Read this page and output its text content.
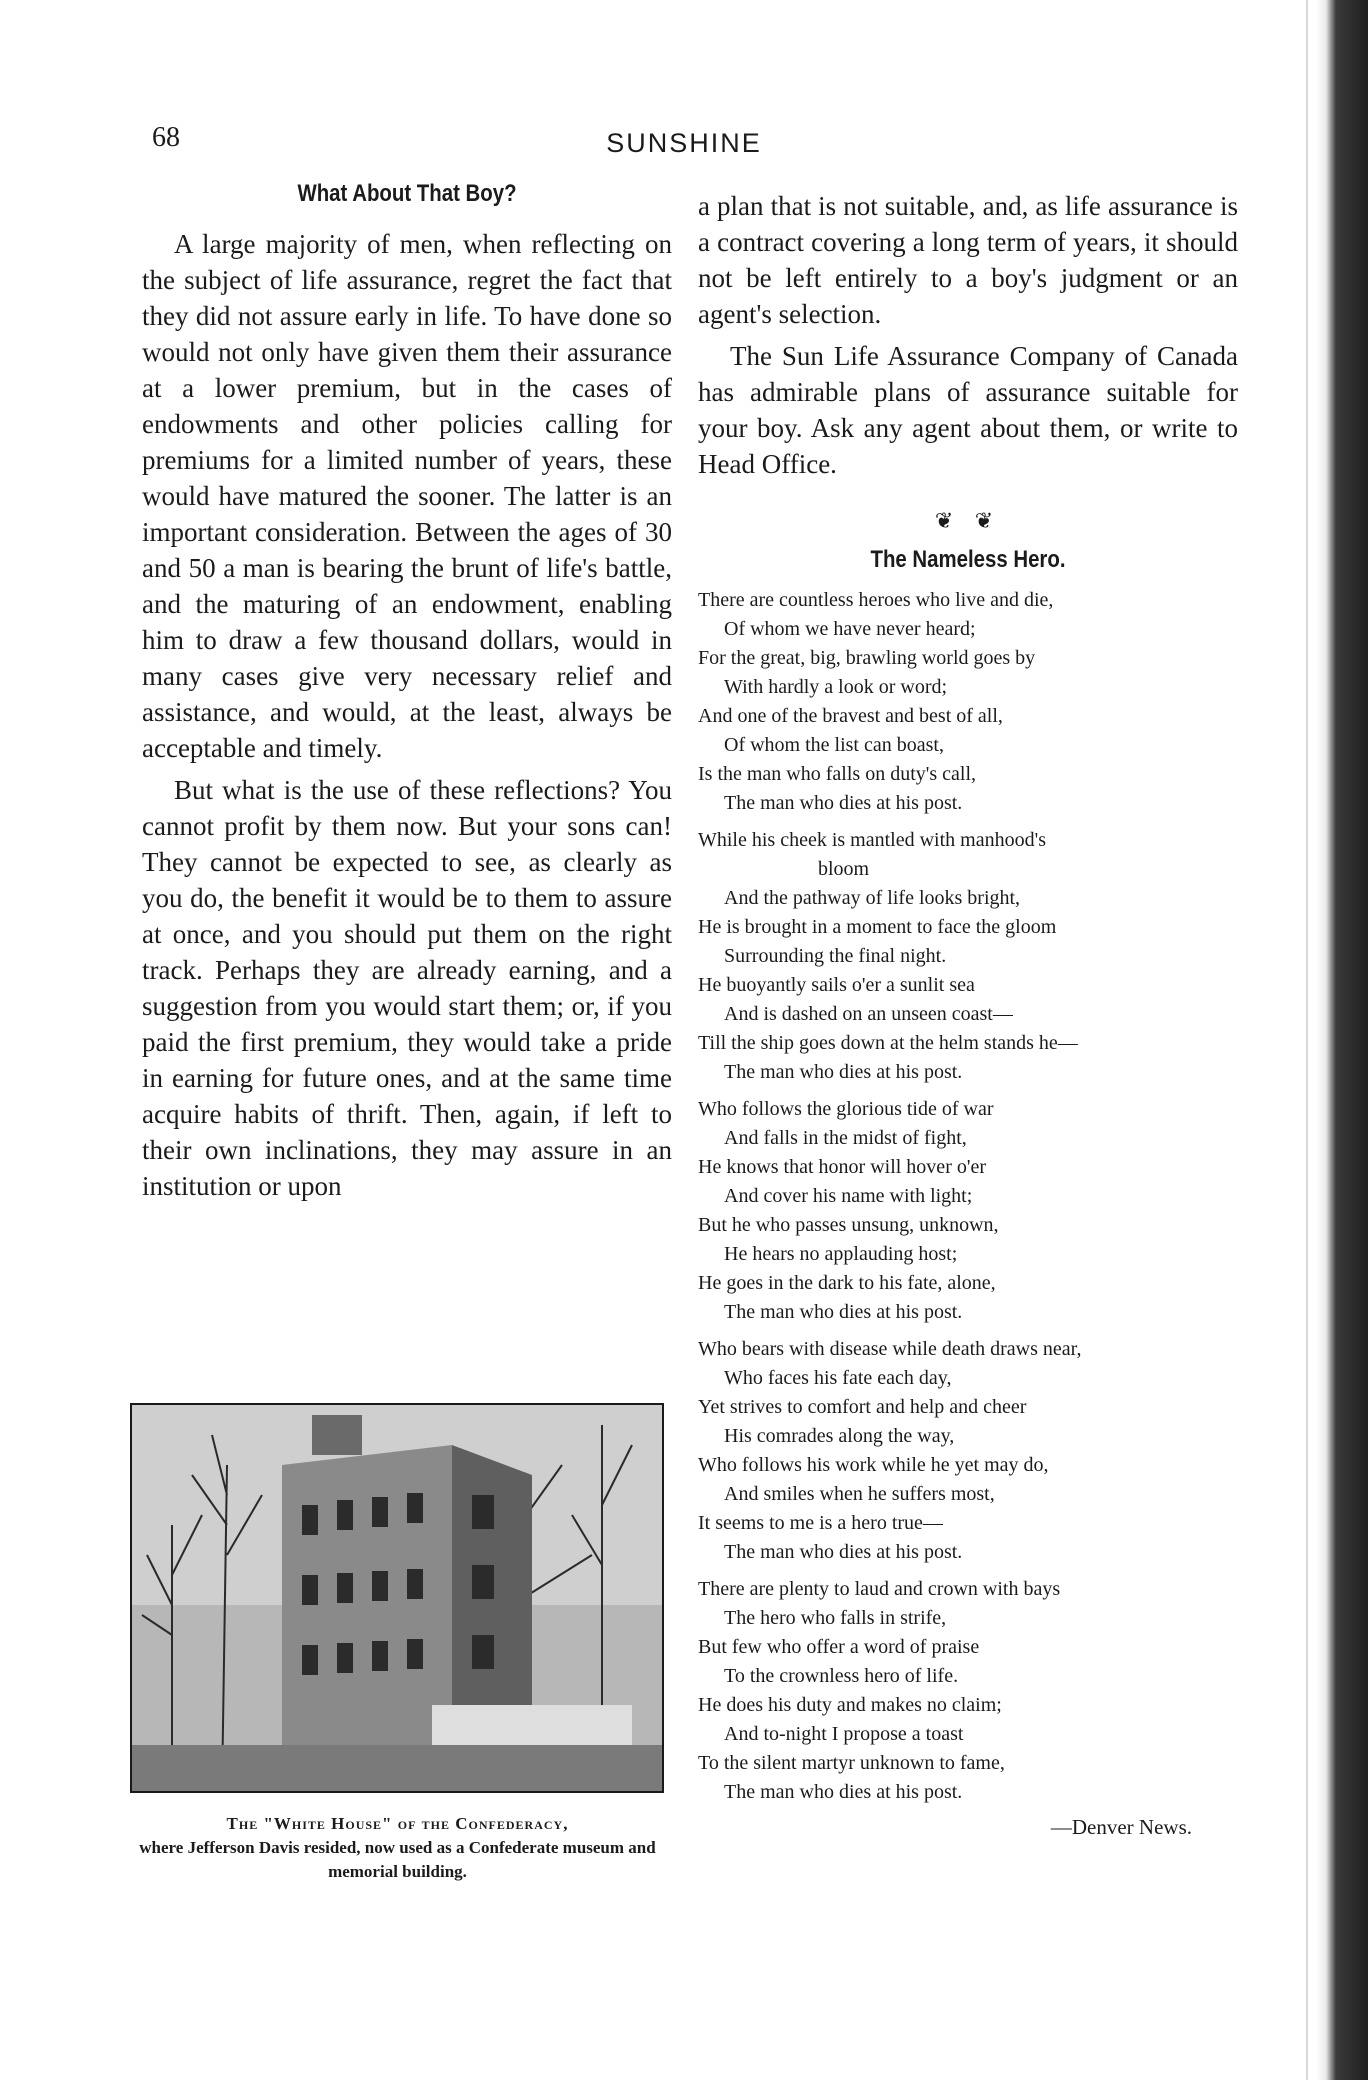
68	SUNSHINE
What About That Boy?

A large majority of men, when reflecting on the subject of life assurance, regret the fact that they did not assure early in life. To have done so would not only have given them their assurance at a lower premium, but in the cases of endowments and other policies calling for premiums for a limited number of years, these would have matured the sooner. The latter is an important consideration. Between the ages of 30 and 50 a man is bearing the brunt of life's battle, and the maturing of an endowment, enabling him to draw a few thousand dollars, would in many cases give very necessary relief and assistance, and would, at the least, always be acceptable and timely.

But what is the use of these reflections? You cannot profit by them now. But your sons can! They cannot be expected to see, as clearly as you do, the benefit it would be to them to assure at once, and you should put them on the right track. Perhaps they are already earning, and a suggestion from you would start them; or, if you paid the first premium, they would take a pride in earning for future ones, and at the same time acquire habits of thrift. Then, again, if left to their own inclinations, they may assure in an institution or upon

The "White House" of the Confederacy,
where Jefferson Davis resided, now used as a Confederate museum and memorial building.

a plan that is not suitable, and, as life assurance is a contract covering a long term of years, it should not be left entirely to a boy's judgment or an agent's selection.

The Sun Life Assurance Company of Canada has admirable plans of assurance suitable for your boy. Ask any agent about them, or write to Head Office.

❦ ❦
The Nameless Hero.
There are countless heroes who live and die,
Of whom we have never heard;
For the great, big, brawling world goes by
With hardly a look or word;
And one of the bravest and best of all,
Of whom the list can boast,
Is the man who falls on duty's call,
The man who dies at his post.
While his cheek is mantled with manhood's
bloom
And the pathway of life looks bright,
He is brought in a moment to face the gloom
Surrounding the final night.
He buoyantly sails o'er a sunlit sea
And is dashed on an unseen coast—
Till the ship goes down at the helm stands he—
The man who dies at his post.
Who follows the glorious tide of war
And falls in the midst of fight,
He knows that honor will hover o'er
And cover his name with light;
But he who passes unsung, unknown,
He hears no applauding host;
He goes in the dark to his fate, alone,
The man who dies at his post.
Who bears with disease while death draws near,
Who faces his fate each day,
Yet strives to comfort and help and cheer
His comrades along the way,
Who follows his work while he yet may do,
And smiles when he suffers most,
It seems to me is a hero true—
The man who dies at his post.
There are plenty to laud and crown with bays
The hero who falls in strife,
But few who offer a word of praise
To the crownless hero of life.
He does his duty and makes no claim;
And to-night I propose a toast
To the silent martyr unknown to fame,
The man who dies at his post.
—Denver News.
